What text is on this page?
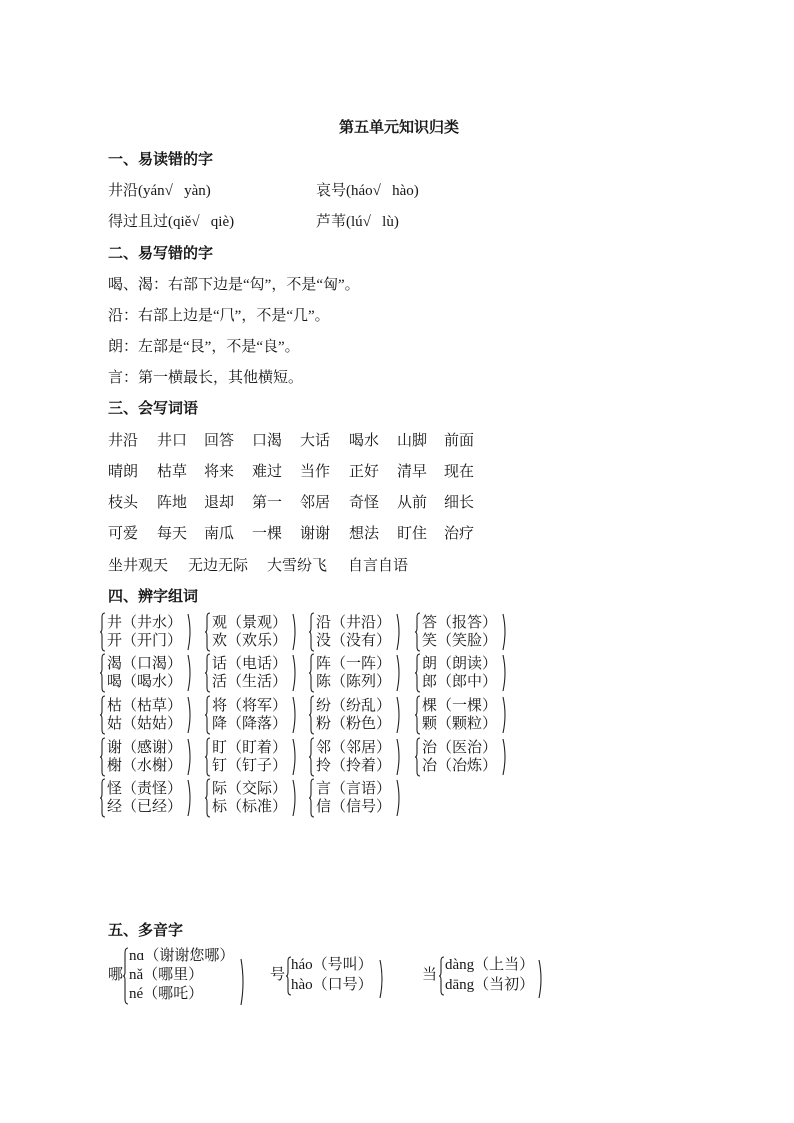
第五单元知识归类
一、易读错的字
井沿(yán√   yàn)	哀号(háo√   hào)
得过且过(qiě√   qiè)	芦苇(lú√   lù)
二、易写错的字
喝、渴：右部下边是“匃”，不是“匈”。
沿：右部上边是“⺇”，不是“几”。
朗：左部是“⾉”，不是“良”。
言：第一横最长，其他横短。
三、会写词语
井沿 井口 回答 口渴 大话 喝水 山脚 前面
晴朗 枯草 将来 难过 当作 正好 清早 现在
枝头 阵地 退却 第一 邻居 奇怪 从前 细长
可爱 每天 南瓜 一棵 谢谢 想法 盯住 治疗
坐井观天 无边无际 大雪纷飞 自言自语
四、辨字组词
井（井水）
开（开门）
观（景观）
欢（欢乐）
沿（井沿）
没（没有）
答（报答）
笑（笑脸）
渴（口渴）
喝（喝水）
话（电话）
活（生活）
阵（一阵）
陈（陈列）
朗（朗读）
郎（郎中）
枯（枯草）
姑（姑姑）
将（将军）
降（降落）
纷（纷乱）
粉（粉色）
棵（一棵）
颗（颗粒）
谢（感谢）
榭（水榭）
盯（盯着）
钉（钉子）
邻（邻居）
拎（拎着）
治（医治）
冶（冶炼）
怪（责怪）
经（已经）
际（交际）
标（标准）
言（言语）
信（信号）
五、多音字
哪
nɑ（谢谢您哪）
nǎ（哪里）
né（哪吒）
号
háo（号叫）
hào（口号）
当
dàng（上当）
dāng（当初）
